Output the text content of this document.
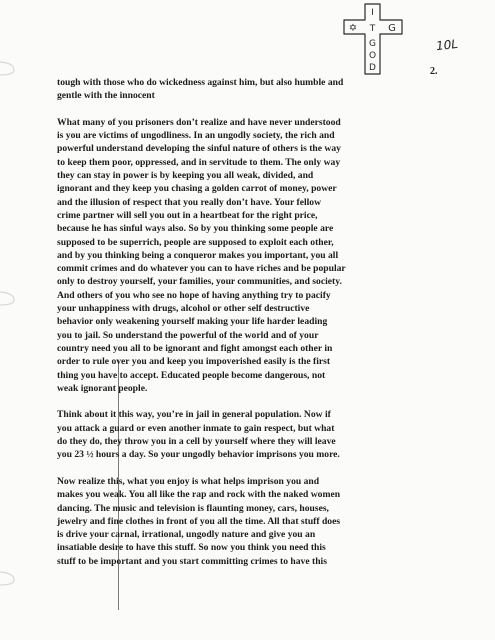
✡	G
I
T
G
O
D
10L
2.

tough with those who do wickedness against him, but also humble and
gentle with the innocent

What many of you prisoners don’t realize and have never understood
is you are victims of ungodliness. In an ungodly society, the rich and
powerful understand developing the sinful nature of others is the way
to keep them poor, oppressed, and in servitude to them. The only way
they can stay in power is by keeping you all weak, divided, and
ignorant and they keep you chasing a golden carrot of money, power
and the illusion of respect that you really don’t have. Your fellow
crime partner will sell you out in a heartbeat for the right price,
because he has sinful ways also. So by you thinking some people are
supposed to be superrich, people are supposed to exploit each other,
and by you thinking being a conqueror makes you important, you all
commit crimes and do whatever you can to have riches and be popular
only to destroy yourself, your families, your communities, and society.
And others of you who see no hope of having anything try to pacify
your unhappiness with drugs, alcohol or other self destructive
behavior only weakening yourself making your life harder leading
you to jail. So understand the powerful of the world and of your
country need you all to be ignorant and fight amongst each other in
order to rule over you and keep you impoverished easily is the first
thing you have to accept. Educated people become dangerous, not
weak ignorant people.

Think about it this way, you’re in jail in general population. Now if
you attack a guard or even another inmate to gain respect, but what
do they do, they throw you in a cell by yourself where they will leave
you 23 ½ hours a day. So your ungodly behavior imprisons you more.

Now realize this, what you enjoy is what helps imprison you and
makes you weak. You all like the rap and rock with the naked women
dancing. The music and television is flaunting money, cars, houses,
jewelry and fine clothes in front of you all the time. All that stuff does
is drive your carnal, irrational, ungodly nature and give you an
insatiable desire to have this stuff. So now you think you need this
stuff to be important and you start committing crimes to have this
